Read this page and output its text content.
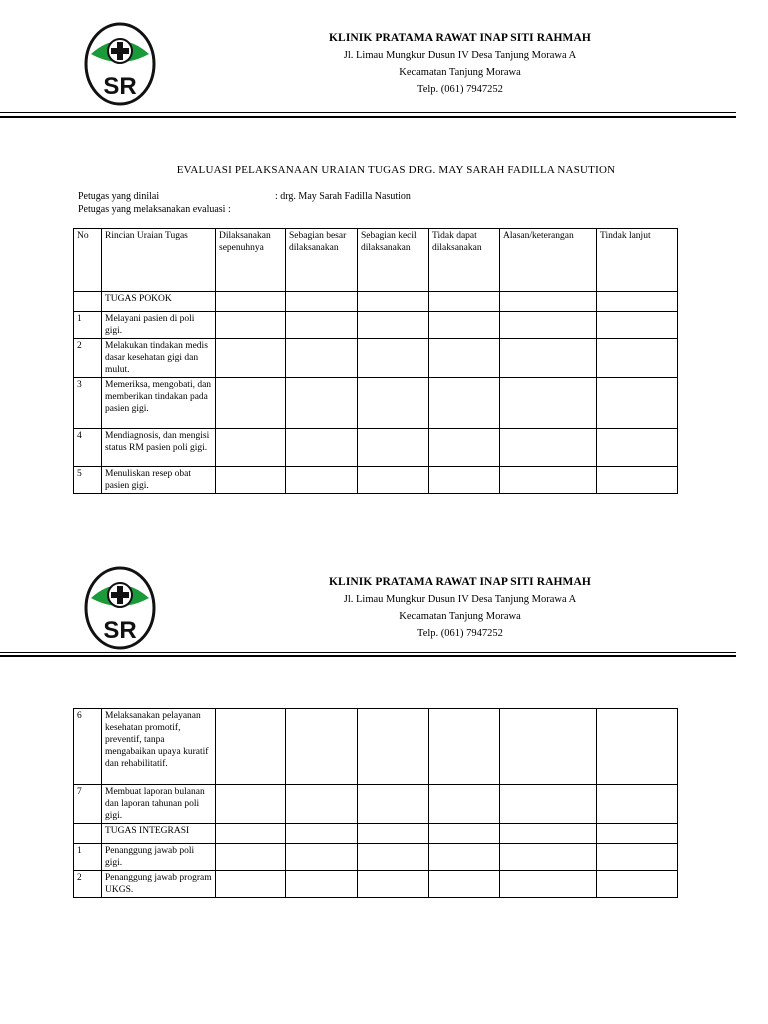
SR
KLINIK PRATAMA RAWAT INAP SITI RAHMAH
Jl. Limau Mungkur Dusun IV Desa Tanjung Morawa A
Kecamatan Tanjung Morawa
Telp. (061) 7947252
EVALUASI PELAKSANAAN URAIAN TUGAS DRG. MAY SARAH FADILLA NASUTION
Petugas yang dinilai	: drg. May Sarah Fadilla Nasution
Petugas yang melaksanakan evaluasi :
No	Rincian Uraian Tugas	Dilaksanakan sepenuhnya	Sebagian besar dilaksanakan	Sebagian kecil dilaksanakan	Tidak dapat dilaksanakan	Alasan/keterangan	Tindak lanjut
	TUGAS POKOK						
1	Melayani pasien di poli gigi.						
2	Melakukan tindakan medis dasar kesehatan gigi dan mulut.						
3	Memeriksa, mengobati, dan memberikan tindakan pada pasien gigi.						
4	Mendiagnosis, dan mengisi status RM pasien poli gigi.						
5	Menuliskan resep obat pasien gigi.						
SR
KLINIK PRATAMA RAWAT INAP SITI RAHMAH
Jl. Limau Mungkur Dusun IV Desa Tanjung Morawa A
Kecamatan Tanjung Morawa
Telp. (061) 7947252
6	Melaksanakan pelayanan kesehatan promotif, preventif, tanpa mengabaikan upaya kuratif dan rehabilitatif.						
7	Membuat laporan bulanan dan laporan tahunan poli gigi.						
	TUGAS INTEGRASI						
1	Penanggung jawab poli gigi.						
2	Penanggung jawab program UKGS.						
